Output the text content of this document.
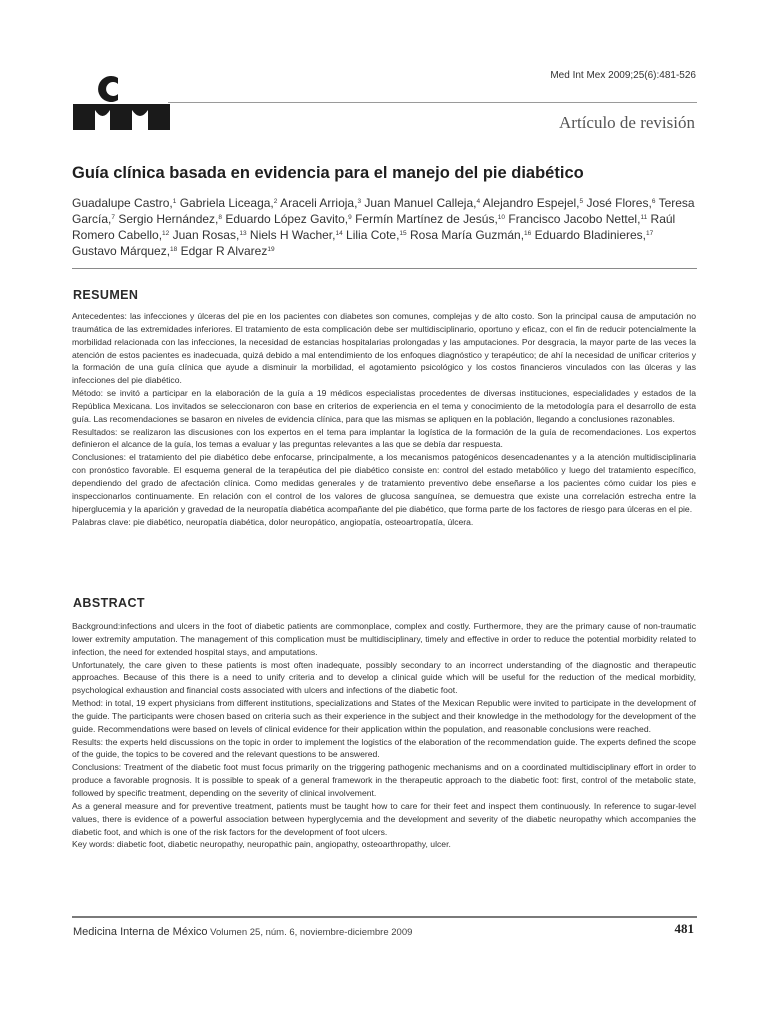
Med Int Mex 2009;25(6):481-526
Artículo de revisión
Guía clínica basada en evidencia para el manejo del pie diabético

Guadalupe Castro,$^1$ Gabriela Liceaga,$^2$ Araceli Arrioja,$^3$ Juan Manuel Calleja,$^4$ Alejandro Espejel,$^5$ José Flores,$^6$ Teresa García,$^7$ Sergio Hernández,$^8$ Eduardo López Gavito,$^9$ Fermín Martínez de Jesús,$^{10}$ Francisco Jacobo Nettel,$^{11}$ Raúl Romero Cabello,$^{12}$ Juan Rosas,$^{13}$ Niels H Wacher,$^{14}$ Lilia Cote,$^{15}$ Rosa María Guzmán,$^{16}$ Eduardo Bladinieres,$^{17}$ Gustavo Márquez,$^{18}$ Edgar R Alvarez$^{19}$

RESUMEN

Antecedentes: las infecciones y úlceras del pie en los pacientes con diabetes son comunes, complejas y de alto costo. Son la principal causa de amputación no traumática de las extremidades inferiores. El tratamiento de esta complicación debe ser multidisciplinario, oportuno y eficaz, con el fin de reducir potencialmente la morbilidad relacionada con las infecciones, la necesidad de estancias hospitalarias prolongadas y las amputaciones. Por desgracia, la mayor parte de las veces la atención de estos pacientes es inadecuada, quizá debido a mal entendimiento de los enfoques diagnóstico y terapéutico; de ahí la necesidad de unificar criterios y la formación de una guía clínica que ayude a disminuir la morbilidad, el agotamiento psicológico y los costos financieros vinculados con las úlceras y las infecciones del pie diabético.

Método: se invitó a participar en la elaboración de la guía a 19 médicos especialistas procedentes de diversas instituciones, especialidades y estados de la República Mexicana. Los invitados se seleccionaron con base en criterios de experiencia en el tema y conocimiento de la metodología para el desarrollo de esta guía. Las recomendaciones se basaron en niveles de evidencia clínica, para que las mismas se apliquen en la población, llegando a conclusiones razonables.

Resultados: se realizaron las discusiones con los expertos en el tema para implantar la logística de la formación de la guía de recomendaciones. Los expertos definieron el alcance de la guía, los temas a evaluar y las preguntas relevantes a las que se debía dar respuesta.

Conclusiones: el tratamiento del pie diabético debe enfocarse, principalmente, a los mecanismos patogénicos desencadenantes y a la atención multidisciplinaria con pronóstico favorable. El esquema general de la terapéutica del pie diabético consiste en: control del estado metabólico y luego del tratamiento específico, dependiendo del grado de afectación clínica. Como medidas generales y de tratamiento preventivo debe enseñarse a los pacientes cómo cuidar los pies e inspeccionarlos continuamente. En relación con el control de los valores de glucosa sanguínea, se demuestra que existe una correlación estrecha entre la hiperglucemia y la aparición y gravedad de la neuropatía diabética acompañante del pie diabético, que forma parte de los factores de riesgo para úlceras en el pie.

Palabras clave: pie diabético, neuropatía diabética, dolor neuropático, angiopatía, osteoartropatía, úlcera.

ABSTRACT

Background:infections and ulcers in the foot of diabetic patients are commonplace, complex and costly. Furthermore, they are the primary cause of non-traumatic lower extremity amputation. The management of this complication must be multidisciplinary, timely and effective in order to reduce the potential morbidity related to infection, the need for extended hospital stays, and amputations.

Unfortunately, the care given to these patients is most often inadequate, possibly secondary to an incorrect understanding of the diagnostic and therapeutic approaches. Because of this there is a need to unify criteria and to develop a clinical guide which will be useful for the reduction of the medical morbidity, psychological exhaustion and financial costs associated with ulcers and infections of the diabetic foot.

Method: in total, 19 expert physicians from different institutions, specializations and States of the Mexican Republic were invited to participate in the development of the guide. The participants were chosen based on criteria such as their experience in the subject and their knowledge in the methodology for the development of the guide. Recommendations were based on levels of clinical evidence for their application within the population, and reasonable conclusions were reached.

Results: the experts held discussions on the topic in order to implement the logistics of the elaboration of the recommendation guide. The experts defined the scope of the guide, the topics to be covered and the relevant questions to be answered.

Conclusions: Treatment of the diabetic foot must focus primarily on the triggering pathogenic mechanisms and on a coordinated multidisciplinary effort in order to produce a favorable prognosis. It is possible to speak of a general framework in the therapeutic approach to the diabetic foot: first, control of the metabolic state, followed by specific treatment, depending on the severity of clinical involvement.

As a general measure and for preventive treatment, patients must be taught how to care for their feet and inspect them continuously. In reference to sugar-level values, there is evidence of a powerful association between hyperglycemia and the development and severity of the diabetic neuropathy which accompanies the diabetic foot, and which is one of the risk factors for the development of foot ulcers.

Key words: diabetic foot, diabetic neuropathy, neuropathic pain, angiopathy, osteoarthropathy, ulcer.

Medicina Interna de México Volumen 25, núm. 6, noviembre-diciembre 2009	481
